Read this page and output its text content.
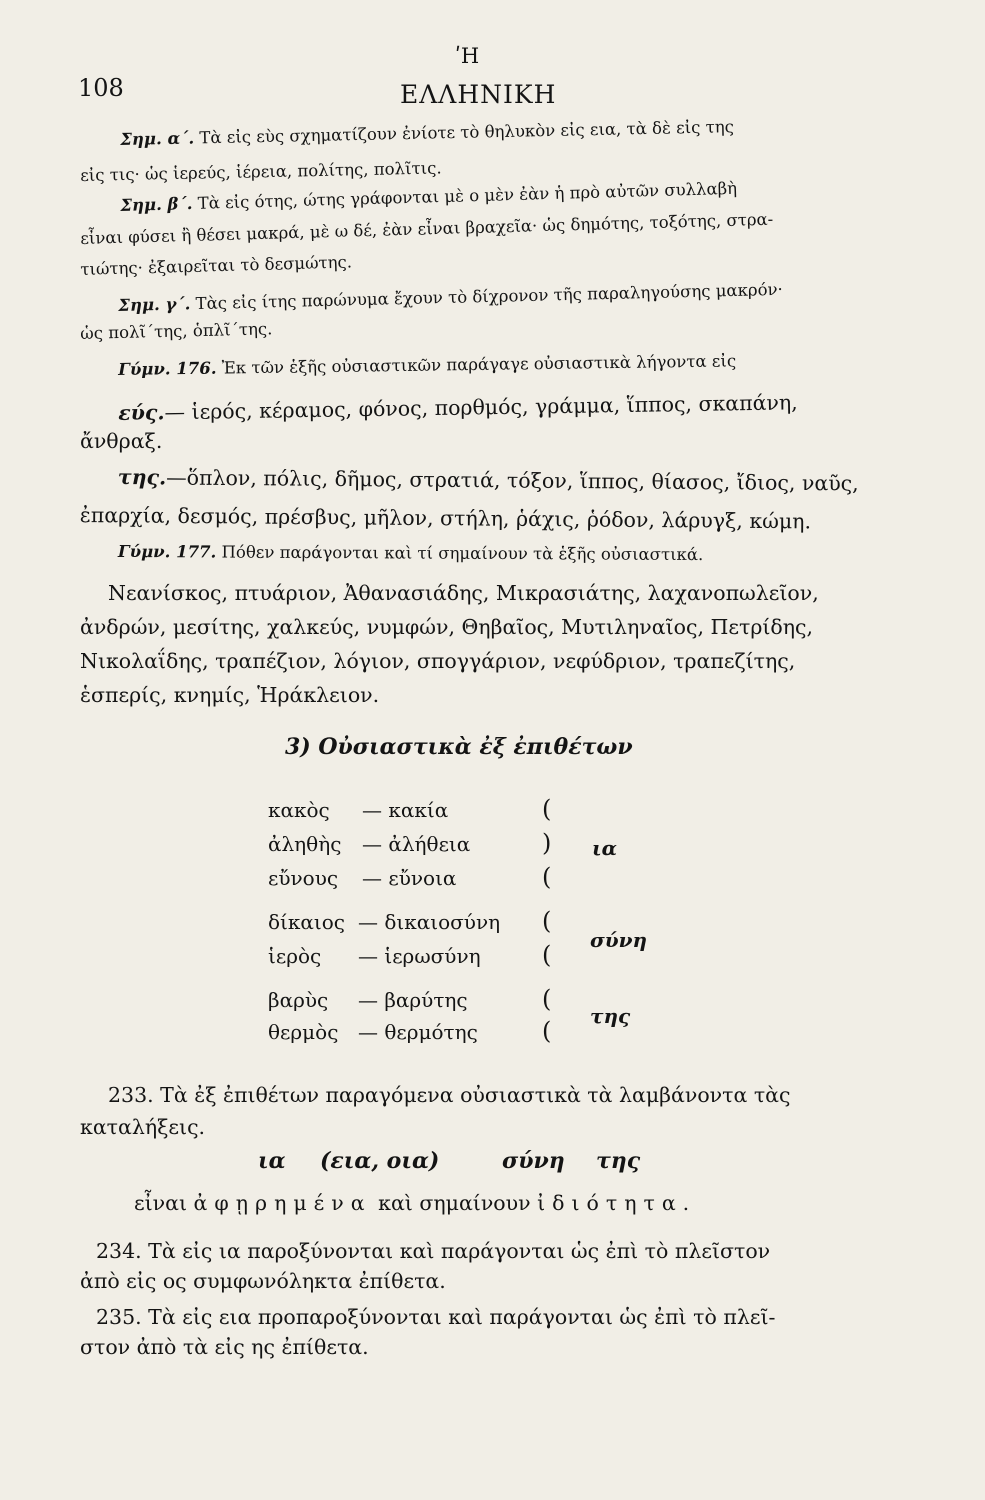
ʹΗ
108	ΕΛΛΗΝΙΚΗ
Σημ. α΄. Τὰ εἰς εὺς σχηματίζουν ἐνίοτε τὸ θηλυκὸν εἰς εια, τὰ δὲ εἰς της
εἰς τις· ὡς ἱερεύς, ἱέρεια, πολίτης, πολῖτις.
Σημ. β΄. Τὰ εἰς ότης, ώτης γράφονται μὲ ο μὲν ἐὰν ἡ πρὸ αὐτῶν συλλαβὴ
εἶναι φύσει ἢ θέσει μακρά, μὲ ω δέ, ἐὰν εἶναι βραχεῖα· ὡς δημότης, τοξότης, στρα-
τιώτης· ἐξαιρεῖται τὸ δεσμώτης.
Σημ. γ΄. Τὰς εἰς ίτης παρώνυμα ἔχουν τὸ δίχρονον τῆς παραληγούσης μακρόν·
ὡς πολῖ΄της, ὁπλῖ΄της.
Γύμν. 176. Ἐκ τῶν ἑξῆς οὐσιαστικῶν παράγαγε οὐσιαστικὰ λήγοντα εἰς
εύς.— ἱερός, κέραμος, φόνος, πορθμός, γράμμα, ἵππος, σκαπάνη,
ἄνθραξ.
της.—ὅπλον, πόλις, δῆμος, στρατιά, τόξον, ἵππος, θίασος, ἴδιος, ναῦς,
ἐπαρχία, δεσμός, πρέσβυς, μῆλον, στήλη, ῥάχις, ῥόδον, λάρυγξ, κώμη.
Γύμν. 177. Πόθεν παράγονται καὶ τί σημαίνουν τὰ ἑξῆς οὐσιαστικά.
Νεανίσκος, πτυάριον, Ἀθανασιάδης, Μικρασιάτης, λαχανοπωλεῖον,
ἀνδρών, μεσίτης, χαλκεύς, νυμφών, Θηβαῖος, Μυτιληναῖος, Πετρίδης,
Νικολαΐδης, τραπέζιον, λόγιον, σπογγάριον, νεφύδριον, τραπεζίτης,
ἑσπερίς, κνημίς, Ἡράκλειον.
3) Οὐσιαστικὰ ἐξ ἐπιθέτων
κακὸς — κακία	(
ἀληθὴς — ἀλήθεια	)
εὔνους — εὔνοια	(
ια
δίκαιος — δικαιοσύνη (
ἱερὸς — ἱερωσύνη	(
σύνη
βαρὺς — βαρύτης	(
θερμὸς — θερμότης	(
της
233. Τὰ ἐξ ἐπιθέτων παραγόμενα οὐσιαστικὰ τὰ λαμβάνοντα τὰς
καταλήξεις.
ια (εια, οια)	σύνη της
εἶναι ἀφῃρημένα καὶ σημαίνουν ἰδιότητα.
234. Τὰ εἰς ια παροξύνονται καὶ παράγονται ὡς ἐπὶ τὸ πλεῖστον
ἀπὸ εἰς ος συμφωνόληκτα ἐπίθετα.
235. Τὰ εἰς εια προπαροξύνονται καὶ παράγονται ὡς ἐπὶ τὸ πλεῖ-
στον ἀπὸ τὰ εἰς ης ἐπίθετα.
